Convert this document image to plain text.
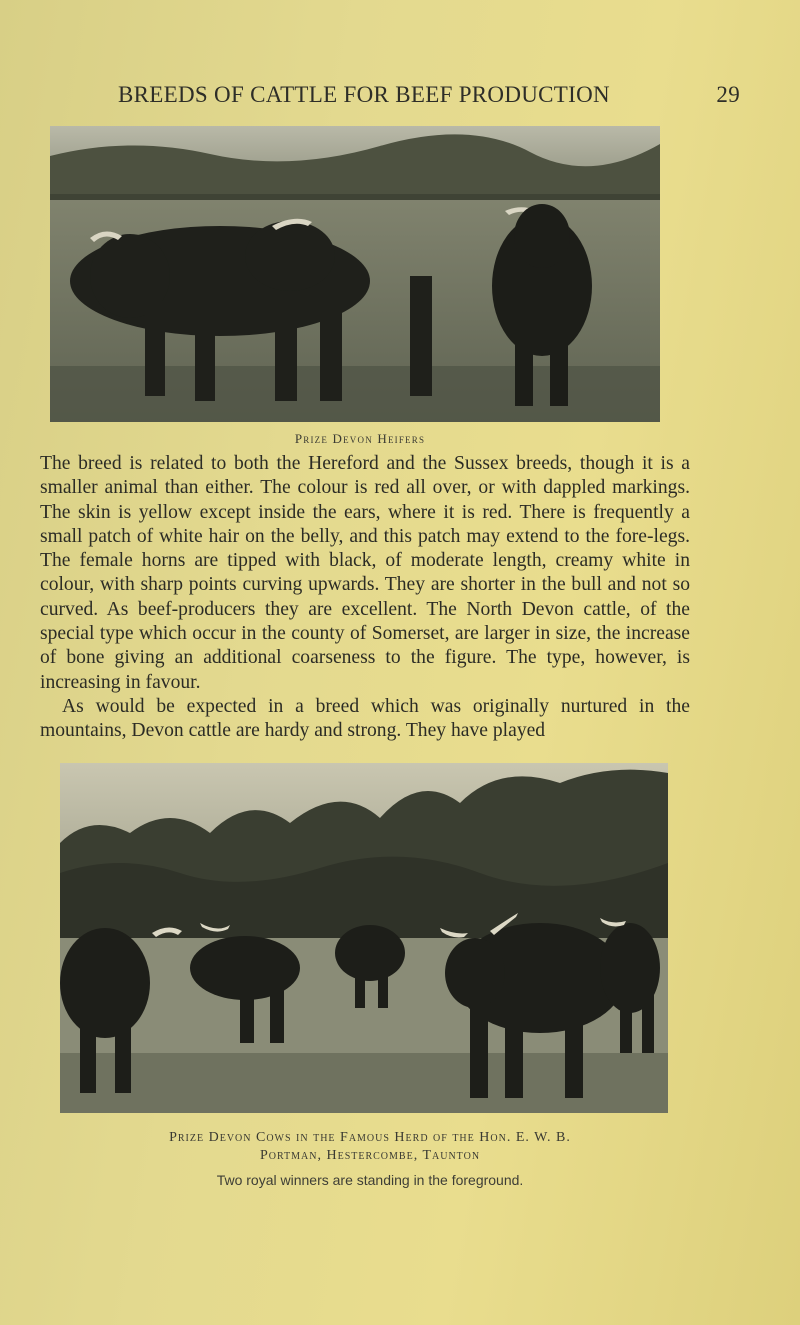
BREEDS OF CATTLE FOR BEEF PRODUCTION	29
Prize Devon Heifers

The breed is related to both the Hereford and the Sussex breeds, though it is a smaller animal than either. The colour is red all over, or with dappled markings. The skin is yellow except inside the ears, where it is red. There is frequently a small patch of white hair on the belly, and this patch may extend to the fore-legs. The female horns are tipped with black, of moderate length, creamy white in colour, with sharp points curving upwards. They are shorter in the bull and not so curved. As beef-producers they are excellent. The North Devon cattle, of the special type which occur in the county of Somerset, are larger in size, the increase of bone giving an additional coarseness to the figure. The type, however, is increasing in favour.

As would be expected in a breed which was originally nurtured in the mountains, Devon cattle are hardy and strong. They have played

Prize Devon Cows in the Famous Herd of the Hon. E. W. B.
Portman, Hestercombe, Taunton
Two royal winners are standing in the foreground.
